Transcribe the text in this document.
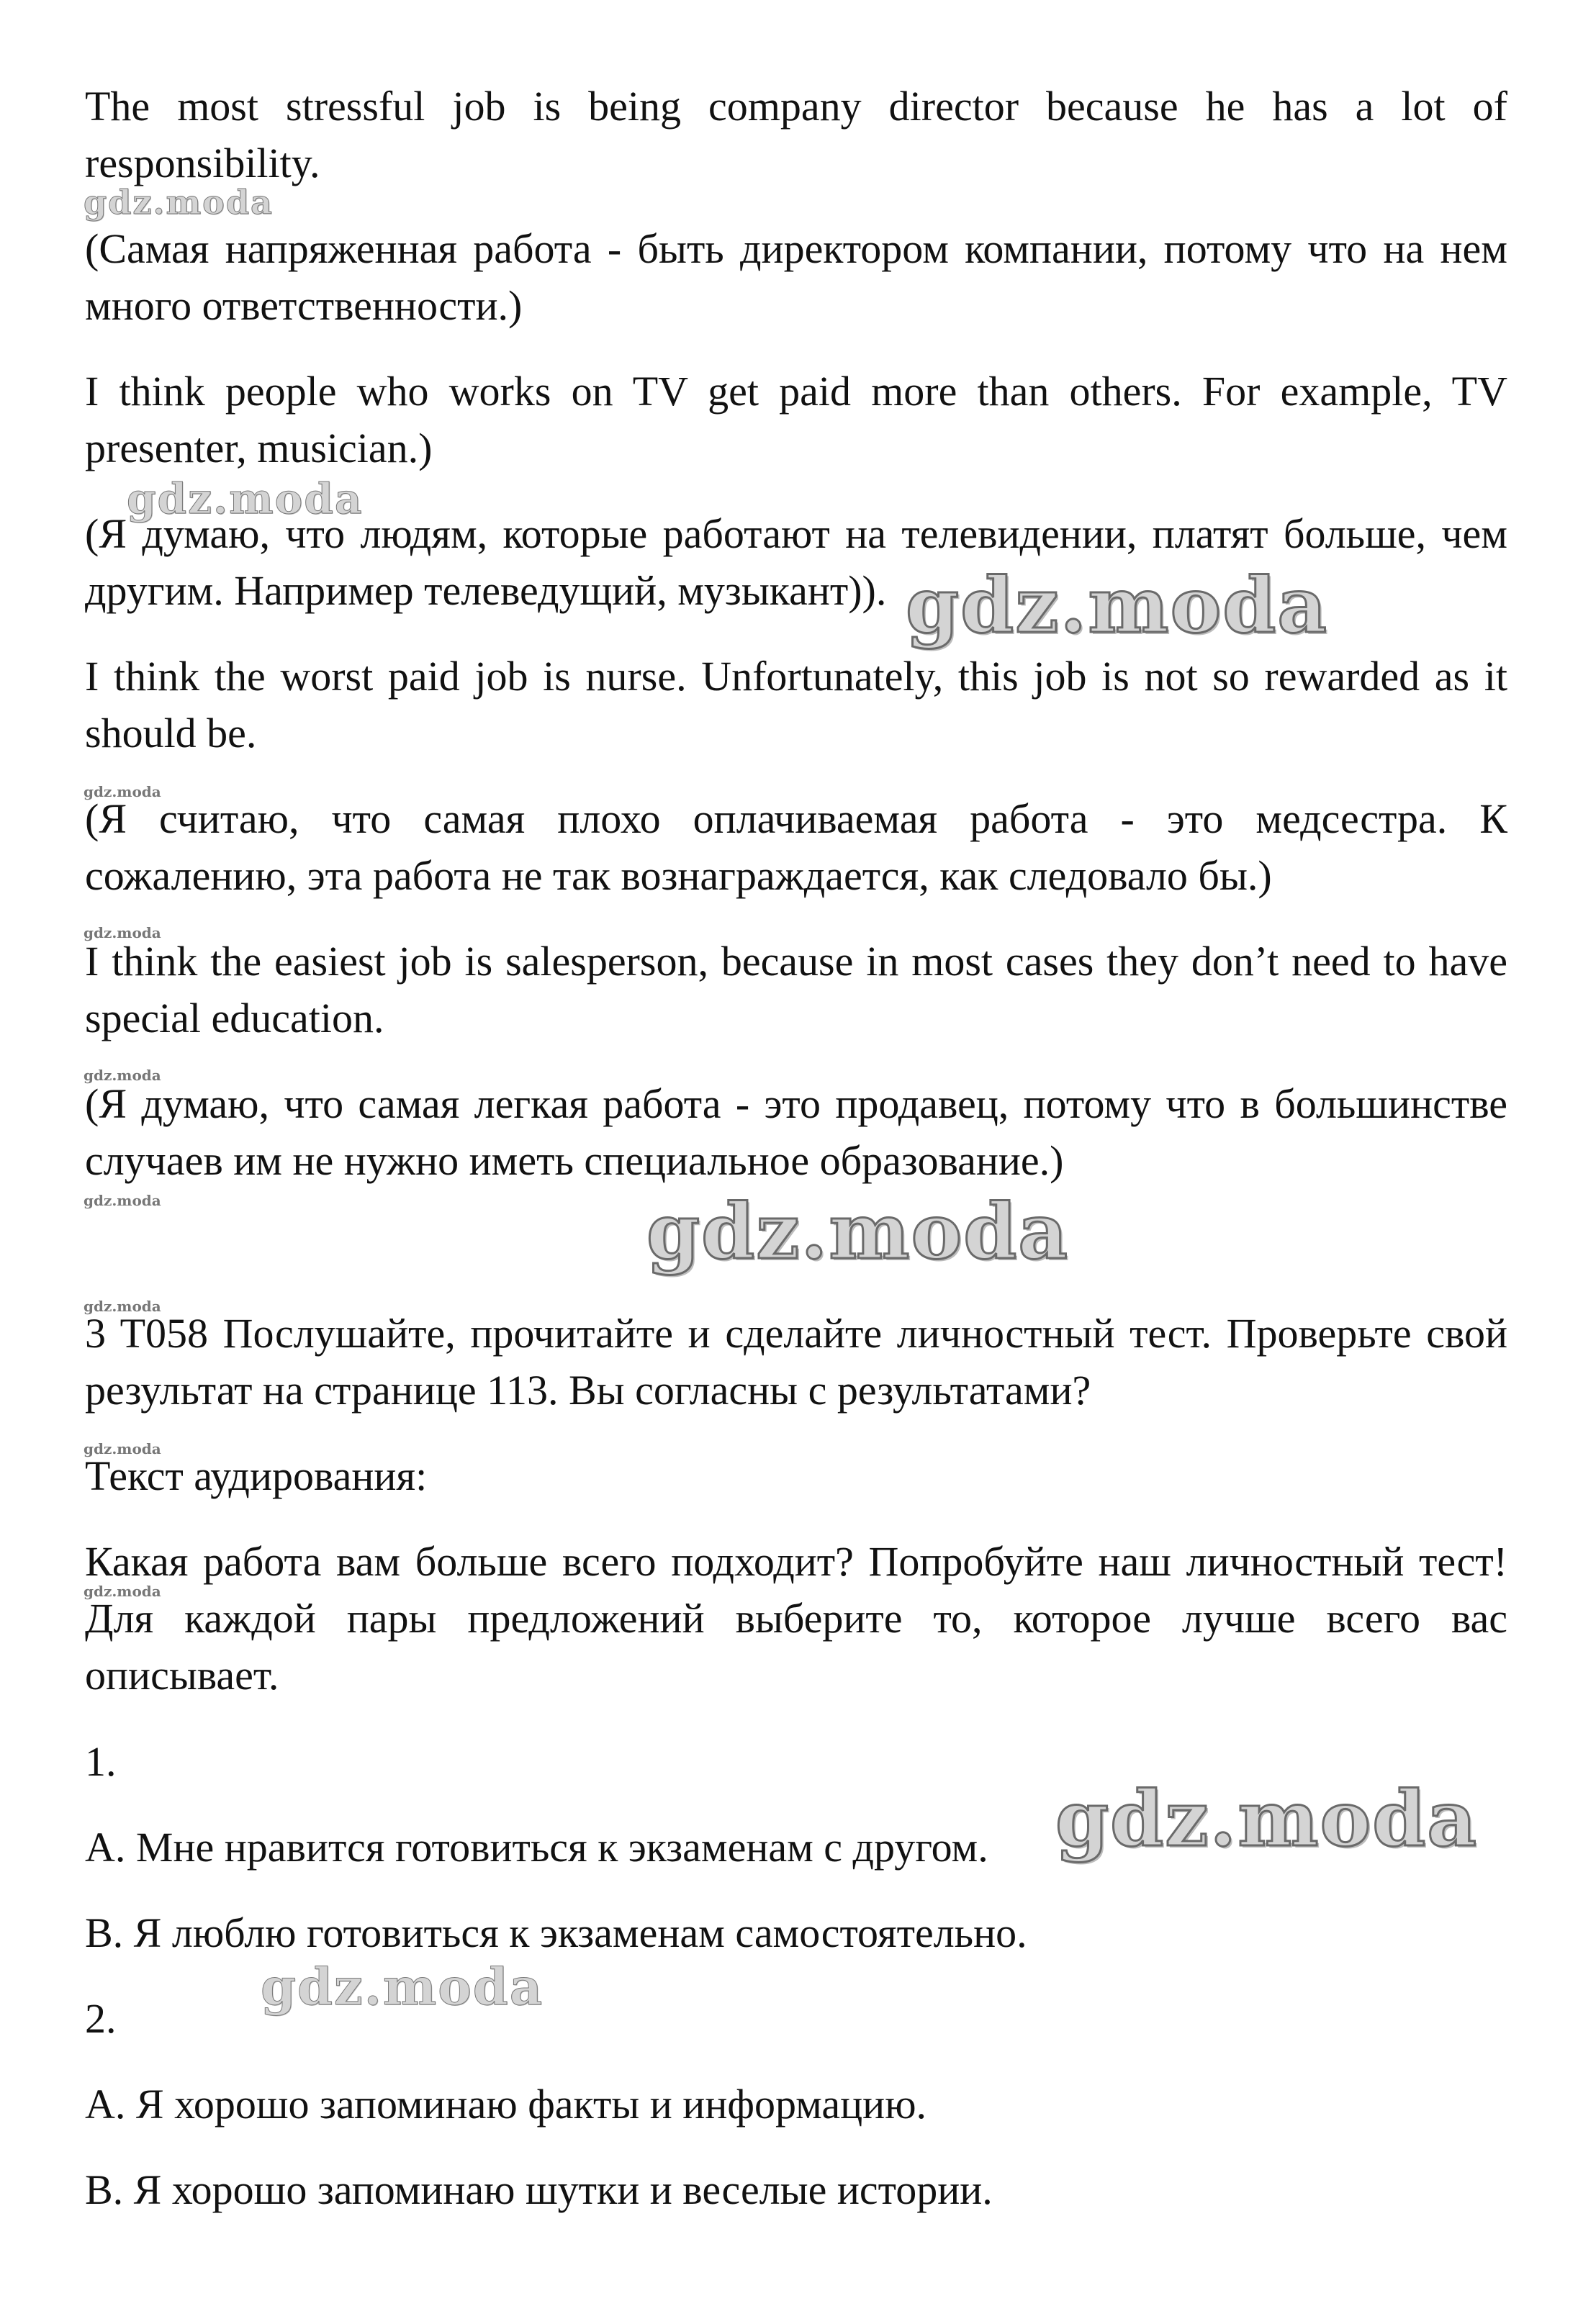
The most stressful job is being company director because he has a lot of responsibility.

(Самая напряженная работа - быть директором компании, потому что на нем много ответственности.)

I think people who works on TV get paid more than others. For example, TV presenter, musician.)

(Я думаю, что людям, которые работают на телевидении, платят больше, чем другим. Например телеведущий, музыкант)).

I think the worst paid job is nurse. Unfortunately, this job is not so rewarded as it should be.

(Я считаю, что самая плохо оплачиваемая работа - это медсестра. К сожалению, эта работа не так вознаграждается, как следовало бы.)

I think the easiest job is salesperson, because in most cases they don’t need to have special education.

(Я думаю, что самая легкая работа - это продавец, потому что в большинстве случаев им не нужно иметь специальное образование.)

3 T058 Послушайте, прочитайте и сделайте личностный тест. Проверьте свой результат на странице 113. Вы согласны с результатами?

Текст аудирования:

Какая работа вам больше всего подходит? Попробуйте наш личностный тест! Для каждой пары предложений выберите то, которое лучше всего вас описывает.

1.

A. Мне нравится готовиться к экзаменам с другом.

B. Я люблю готовиться к экзаменам самостоятельно.

2.

A. Я хорошо запоминаю факты и информацию.

B. Я хорошо запоминаю шутки и веселые истории.

gdz.moda
gdz.moda
gdz.moda
gdz.moda
gdz.moda
gdz.moda
gdz.moda	gdz.moda
gdz.moda
gdz.moda
gdz.moda
gdz.moda
gdz.moda
